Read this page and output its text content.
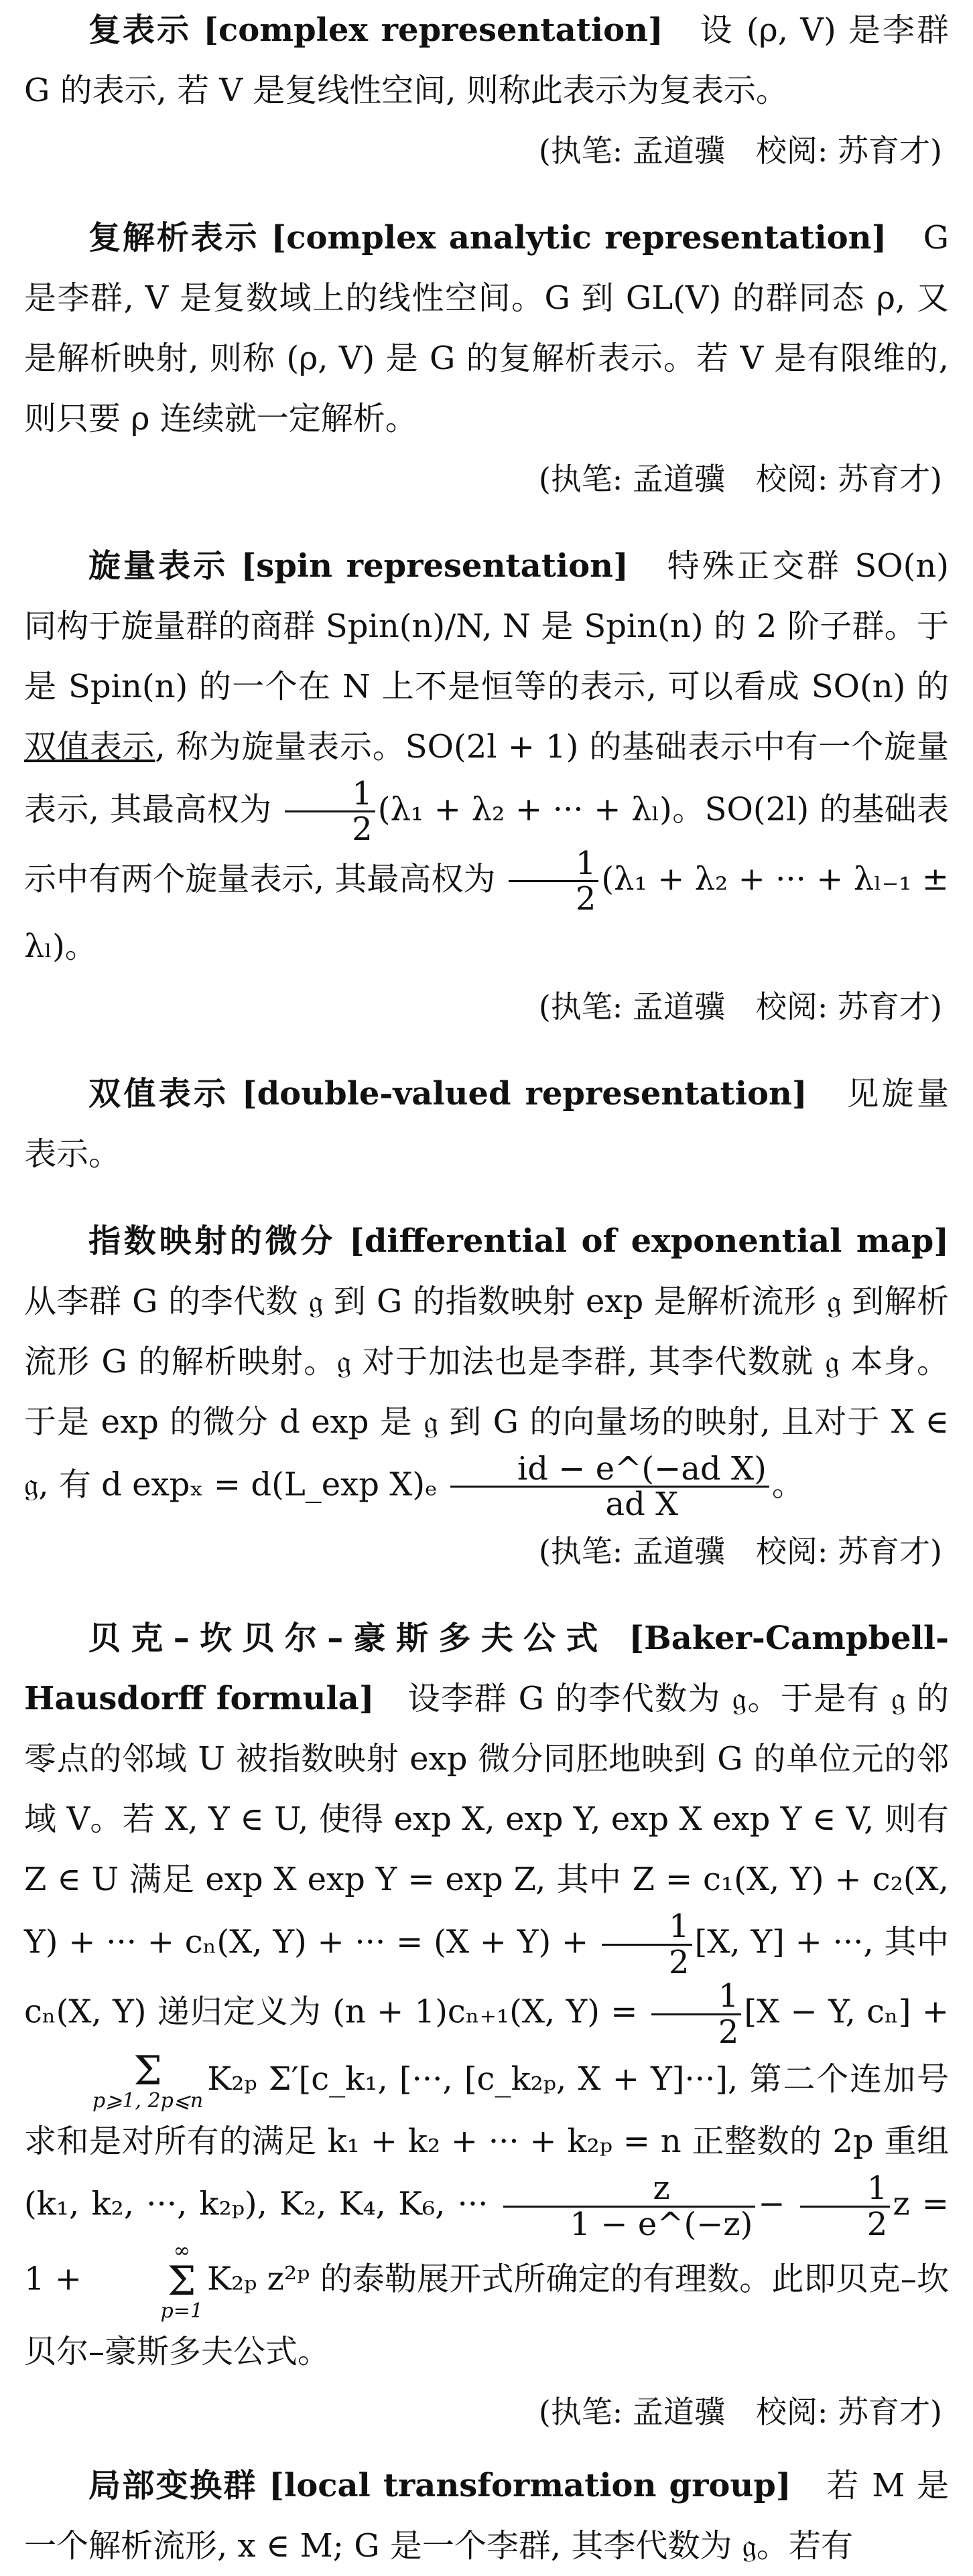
复表示 [complex representation] 设 (ρ, V) 是李群 G 的表示, 若 V 是复线性空间, 则称此表示为复表示。

(执笔: 孟道骥　校阅: 苏育才)

复解析表示 [complex analytic representation] G 是李群, V 是复数域上的线性空间。G 到 GL(V) 的群同态 ρ, 又是解析映射, 则称 (ρ, V) 是 G 的复解析表示。若 V 是有限维的, 则只要 ρ 连续就一定解析。

(执笔: 孟道骥　校阅: 苏育才)

旋量表示 [spin representation] 特殊正交群 SO(n) 同构于旋量群的商群 Spin(n)/N, N 是 Spin(n) 的 2 阶子群。于是 Spin(n) 的一个在 N 上不是恒等的表示, 可以看成 SO(n) 的双值表示, 称为旋量表示。SO(2l + 1) 的基础表示中有一个旋量表示, 其最高权为 $\frac{1}{2} (\lambda_1 + \lambda_2$ + ··· + λₗ)。SO(2l) 的基础表示中有两个旋量表示, 其最高权为 $\frac{1}{2} (\lambda_1 + \lambda_2$ + ··· + λₗ₋₁ ± λₗ)。

(执笔: 孟道骥　校阅: 苏育才)

双值表示 [double-valued representation] 见旋量表示。

指数映射的微分 [differential of exponential map] 从李群 G 的李代数 𝔤 到 G 的指数映射 exp 是解析流形 𝔤 到解析流形 G 的解析映射。𝔤 对于加法也是李群, 其李代数就 𝔤 本身。于是 exp 的微分 d exp 是 𝔤 到 G 的向量场的映射, 且对于 X ∈ 𝔤, 有 d expₓ = d(L_exp $X)_e \frac{\text{id − e\textasciicircum{}(−ad X)}}{\text{ad X}}$ 。

(执笔: 孟道骥　校阅: 苏育才)

贝克–坎贝尔–豪斯多夫公式 [Baker-Campbell-Hausdorff formula] 设李群 G 的李代数为 𝔤。于是有 𝔤 的零点的邻域 U 被指数映射 exp 微分同胚地映到 G 的单位元的邻域 V。若 X, Y ∈ U, 使得 exp X, exp Y, exp X exp Y ∈ V, 则有 Z ∈ U 满足 exp X exp Y = exp Z, 其中 Z = c₁(X, Y) + c₂(X, Y) + ··· + cₙ(X, Y) + ··· = $(X + Y) + \frac{1}{2} [X$, Y] + ···, 其中 cₙ(X, Y) 递归定义为 (n + 1)cₙ₊₁(X, $Y) = \frac{1}{2} [X - Y$, cₙ] +
Σ
p⩾1, 2p⩽n
K₂ₚ Σ′[c_k₁, [···, [c_k₂ₚ, X + Y]···], 第二个连加号求和是对所有的满足 k₁ + k₂ + ··· + k₂ₚ = n 正整数的 2p 重组 (k₁, k₂, ···, k₂ₚ), K₂, K₄, K₆, ··· $\frac{z}{1 - e\^{}(-z)} - \frac{1}{2}$ z = 1 +
∞
Σ
p=1
K₂ₚ z²ᵖ 的泰勒展开式所确定的有理数。此即贝克–坎贝尔–豪斯多夫公式。

(执笔: 孟道骥　校阅: 苏育才)

局部变换群 [local transformation group] 若 M 是一个解析流形, x ∈ M; G 是一个李群, 其李代数为 𝔤。若有
